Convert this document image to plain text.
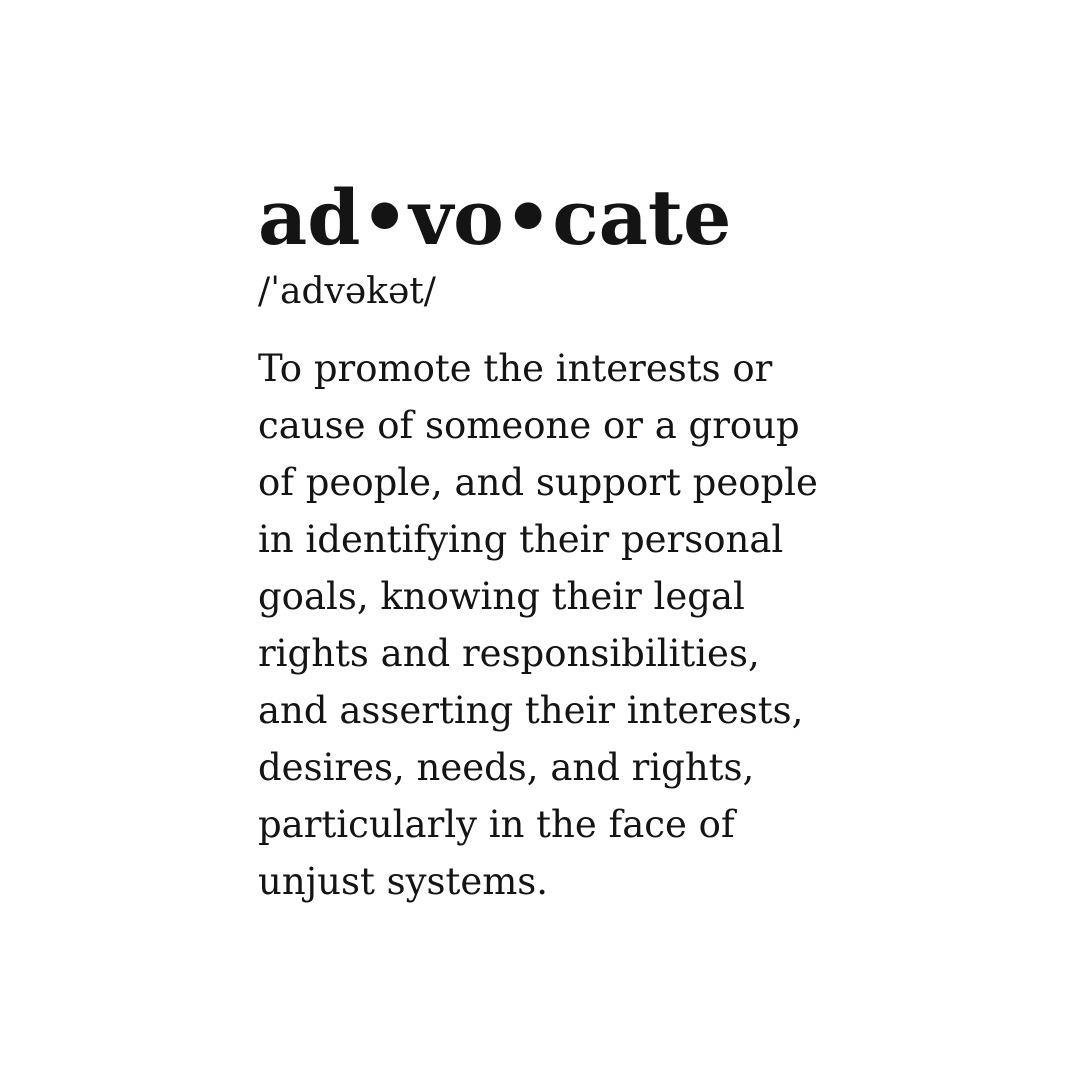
ad•vo•cate
/ˈadvəkət/
To promote the interests or
cause of someone or a group
of people, and support people
in identifying their personal
goals, knowing their legal
rights and responsibilities,
and asserting their interests,
desires, needs, and rights,
particularly in the face of
unjust systems.
